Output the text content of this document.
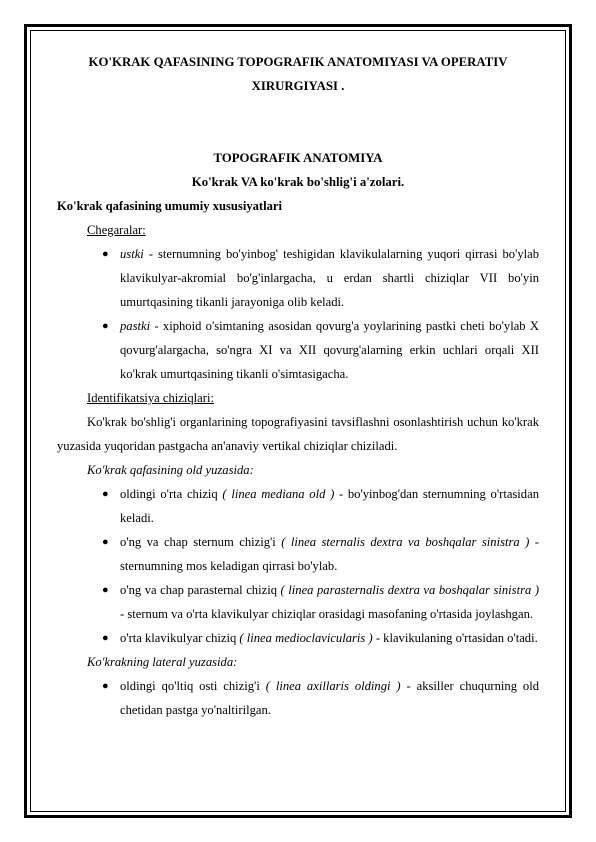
KO'KRAK QAFASINING TOPOGRAFIK ANATOMIYASI VA OPERATIV XIRURGIYASI .

TOPOGRAFIK ANATOMIYA

Ko'krak VA ko'krak bo'shlig'i a'zolari.

Ko'krak qafasining umumiy xususiyatlari

Chegaralar:

● ustki - sternumning bo'yinbog' teshigidan klavikulalarning yuqori qirrasi bo'ylab klavikulyar-akromial bo'g'inlargacha, u erdan shartli chiziqlar VII bo'yin umurtqasining tikanli jarayoniga olib keladi.
● pastki - xiphoid o'simtaning asosidan qovurg'a yoylarining pastki cheti bo'ylab X qovurg'alargacha, so'ngra XI va XII qovurg'alarning erkin uchlari orqali XII ko'krak umurtqasining tikanli o'simtasigacha.

Identifikatsiya chiziqlari:

Ko'krak bo'shlig'i organlarining topografiyasini tavsiflashni osonlashtirish uchun ko'krak yuzasida yuqoridan pastgacha an'anaviy vertikal chiziqlar chiziladi.

Ko'krak qafasining old yuzasida:

● oldingi o'rta chiziq ( linea mediana old ) - bo'yinbog'dan sternumning o'rtasidan keladi.
● o'ng va chap sternum chizig'i ( linea sternalis dextra va boshqalar sinistra ) - sternumning mos keladigan qirrasi bo'ylab.
● o'ng va chap parasternal chiziq ( linea parasternalis dextra va boshqalar sinistra ) - sternum va o'rta klavikulyar chiziqlar orasidagi masofaning o'rtasida joylashgan.
● o'rta klavikulyar chiziq ( linea medioclavicularis ) - klavikulaning o'rtasidan o'tadi.

Ko'krakning lateral yuzasida:

● oldingi qo'ltiq osti chizig'i ( linea axillaris oldingi ) - aksiller chuqurning old chetidan pastga yo'naltirilgan.
